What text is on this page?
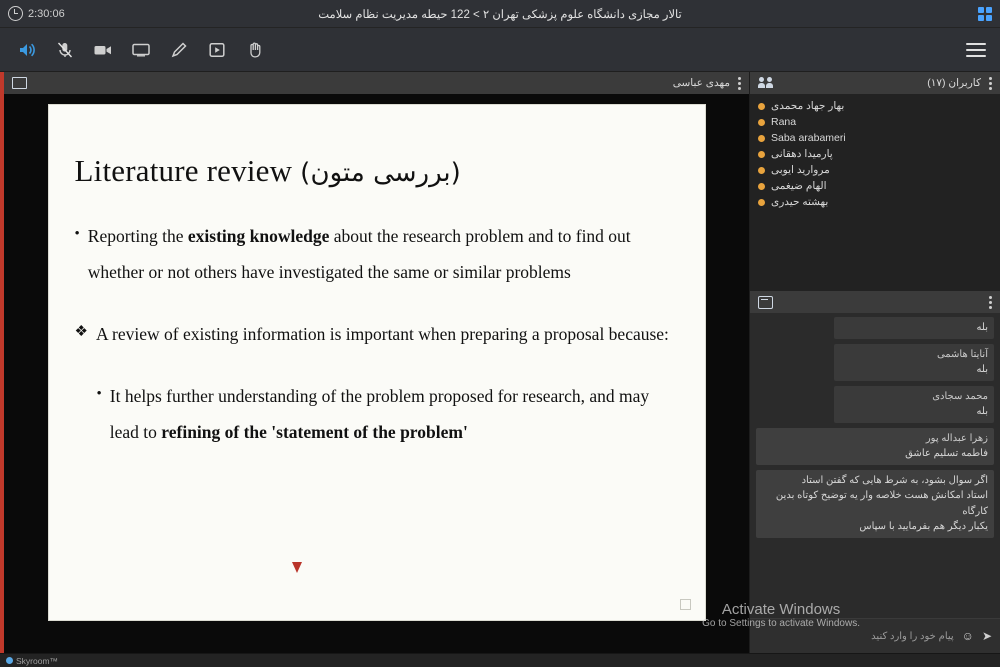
2:30:06	تالار مجازی دانشگاه علوم پزشکی تهران ۲ > 122 حیطه مدیریت نظام سلامت
مهدی عباسی
Literature review (بررسی متون)
• Reporting the existing knowledge about the research problem and to find out whether or not others have investigated the same or similar problems
❖ A review of existing information is important when preparing a proposal because:
• It helps further understanding of the problem proposed for research, and may lead to refining of the 'statement of the problem'
کاربران (۱۷)
بهار جهاد محمدی
Rana
Saba arabameri
پارمیدا دهقانی
مروارید ایوبی
الهام ضیغمی
بهشته حیدری
بله
آنایتا هاشمی
بله
محمد سجادی
بله
زهرا عبداله پور
فاطمه تسلیم عاشق
اگر سوال بشود، به شرط هایی که گفتن استاد
استاد امکانش هست خلاصه وار یه توضیح کوتاه بدین کارگاه
یکبار دیگر هم بفرمایید با سپاس
➤
☺
پیام خود را وارد کنید
Activate Windows
Go to Settings to activate Windows.
Skyroom™
